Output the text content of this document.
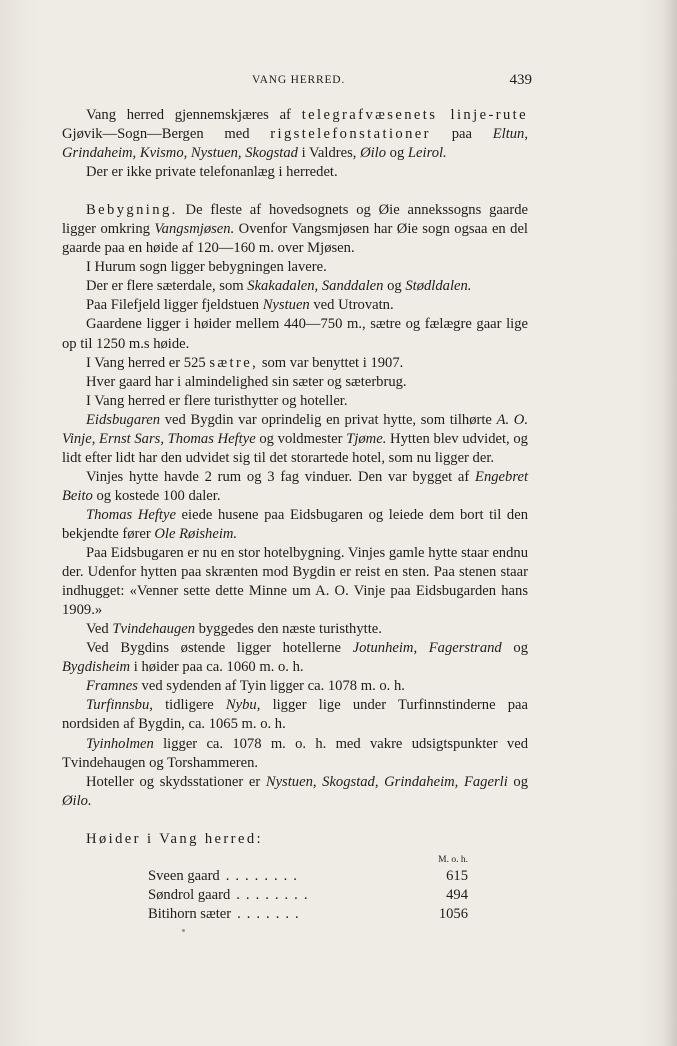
VANG HERRED.	439

Vang herred gjennemskjæres af telegrafvæsenets linje-rute Gjøvik—Sogn—Bergen med rigstelefonstationer paa Eltun, Grindaheim, Kvismo, Nystuen, Skogstad i Valdres, Øilo og Leirol.

Der er ikke private telefonanlæg i herredet.

Bebygning. De fleste af hovedsognets og Øie annekssogns gaarde ligger omkring Vangsmjøsen. Ovenfor Vangsmjøsen har Øie sogn ogsaa en del gaarde paa en høide af 120—160 m. over Mjøsen.

I Hurum sogn ligger bebygningen lavere.

Der er flere sæterdale, som Skakadalen, Sanddalen og Stødldalen.

Paa Filefjeld ligger fjeldstuen Nystuen ved Utrovatn.

Gaardene ligger i høider mellem 440—750 m., sætre og fælægre gaar lige op til 1250 m.s høide.

I Vang herred er 525 sætre, som var benyttet i 1907.

Hver gaard har i almindelighed sin sæter og sæterbrug.

I Vang herred er flere turisthytter og hoteller.

Eidsbugaren ved Bygdin var oprindelig en privat hytte, som tilhørte A. O. Vinje, Ernst Sars, Thomas Heftye og voldmester Tjøme. Hytten blev udvidet, og lidt efter lidt har den udvidet sig til det storartede hotel, som nu ligger der.

Vinjes hytte havde 2 rum og 3 fag vinduer. Den var bygget af Engebret Beito og kostede 100 daler.

Thomas Heftye eiede husene paa Eidsbugaren og leiede dem bort til den bekjendte fører Ole Røisheim.

Paa Eidsbugaren er nu en stor hotelbygning. Vinjes gamle hytte staar endnu der. Udenfor hytten paa skrænten mod Bygdin er reist en sten. Paa stenen staar indhugget: «Venner sette dette Minne um A. O. Vinje paa Eidsbugarden hans 1909.»

Ved Tvindehaugen byggedes den næste turisthytte.

Ved Bygdins østende ligger hotellerne Jotunheim, Fagerstrand og Bygdisheim i høider paa ca. 1060 m. o. h.

Framnes ved sydenden af Tyin ligger ca. 1078 m. o. h.

Turfinnsbu, tidligere Nybu, ligger lige under Turfinnstinderne paa nordsiden af Bygdin, ca. 1065 m. o. h.

Tyinholmen ligger ca. 1078 m. o. h. med vakre udsigtspunkter ved Tvindehaugen og Torshammeren.

Hoteller og skydsstationer er Nystuen, Skogstad, Grindaheim, Fagerli og Øilo.

Høider i Vang herred:

M. o. h.
Sveen gaard ........	615
Søndrol gaard ........	494
Bitihorn sæter .......	1056
